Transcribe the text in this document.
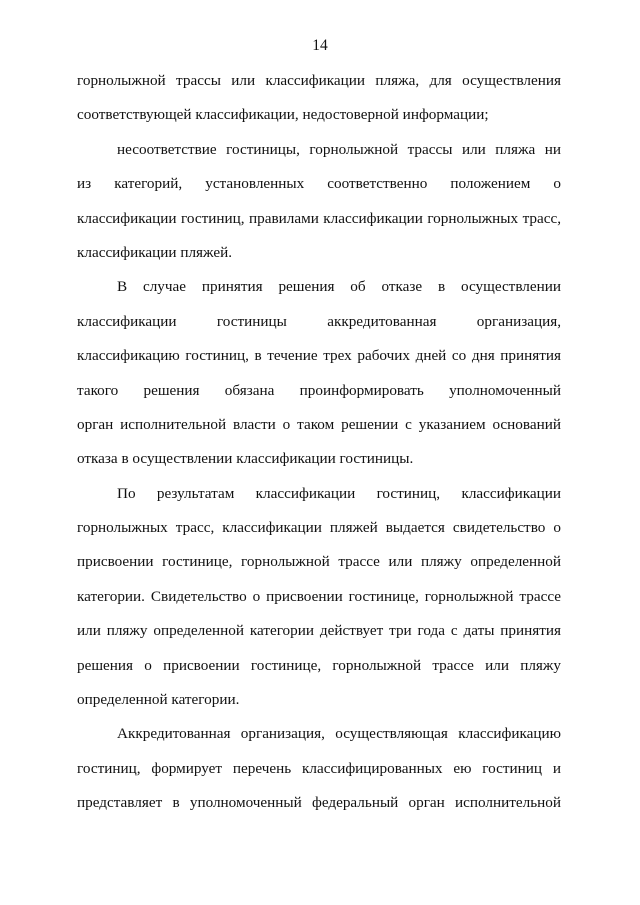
14
горнолыжной трассы или классификации пляжа, для осуществления
соответствующей классификации, недостоверной информации;
несоответствие гостиницы, горнолыжной трассы или пляжа ни
из категорий, установленных соответственно положением о
классификации гостиниц, правилами классификации горнолыжных трасс,
классификации пляжей.
В случае принятия решения об отказе в осуществлении
классификации гостиницы аккредитованная организация,
классификацию гостиниц, в течение трех рабочих дней со дня принятия
такого решения обязана проинформировать уполномоченный
орган исполнительной власти о таком решении с указанием оснований
отказа в осуществлении классификации гостиницы.
По результатам классификации гостиниц, классификации
горнолыжных трасс, классификации пляжей выдается свидетельство о
присвоении гостинице, горнолыжной трассе или пляжу определенной
категории. Свидетельство о присвоении гостинице, горнолыжной трассе
или пляжу определенной категории действует три года с даты принятия
решения о присвоении гостинице, горнолыжной трассе или пляжу
определенной категории.
Аккредитованная организация, осуществляющая классификацию
гостиниц, формирует перечень классифицированных ею гостиниц и
представляет в уполномоченный федеральный орган исполнительной
